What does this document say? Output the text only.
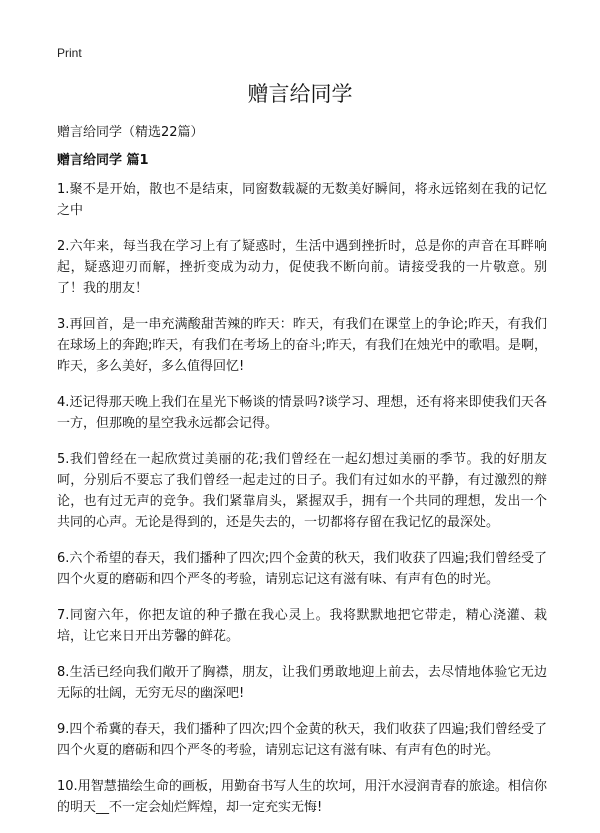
Print
赠言给同学

赠言给同学（精选22篇）

赠言给同学 篇1

1.聚不是开始，散也不是结束，同窗数载凝的无数美好瞬间，将永远铭刻在我的记忆之中

2.六年来，每当我在学习上有了疑惑时，生活中遇到挫折时，总是你的声音在耳畔响起，疑惑迎刃而解，挫折变成为动力，促使我不断向前。请接受我的一片敬意。别了！我的朋友！

3.再回首，是一串充满酸甜苦辣的昨天：昨天，有我们在课堂上的争论;昨天，有我们在球场上的奔跑;昨天，有我们在考场上的奋斗;昨天，有我们在烛光中的歌唱。是啊，昨天，多么美好，多么值得回忆!

4.还记得那天晚上我们在星光下畅谈的情景吗?谈学习、理想，还有将来即使我们天各一方，但那晚的星空我永远都会记得。

5.我们曾经在一起欣赏过美丽的花;我们曾经在一起幻想过美丽的季节。我的好朋友呵，分别后不要忘了我们曾经一起走过的日子。我们有过如水的平静，有过激烈的辩论，也有过无声的竞争。我们紧靠肩头，紧握双手，拥有一个共同的理想，发出一个共同的心声。无论是得到的，还是失去的，一切都将存留在我记忆的最深处。

6.六个希望的春天，我们播种了四次;四个金黄的秋天，我们收获了四遍;我们曾经受了四个火夏的磨砺和四个严冬的考验，请别忘记这有滋有味、有声有色的时光。

7.同窗六年，你把友谊的种子撒在我心灵上。我将默默地把它带走，精心浇灌、栽培，让它来日开出芳馨的鲜花。

8.生活已经向我们敞开了胸襟，朋友，让我们勇敢地迎上前去，去尽情地体验它无边无际的壮阔，无穷无尽的幽深吧!

9.四个希冀的春天，我们播种了四次;四个金黄的秋天，我们收获了四遍;我们曾经受了四个火夏的磨砺和四个严冬的考验，请别忘记这有滋有味、有声有色的时光。

10.用智慧描绘生命的画板，用勤奋书写人生的坎坷，用汗水浸润青春的旅途。相信你的明天__不一定会灿烂辉煌，却一定充实无悔!
